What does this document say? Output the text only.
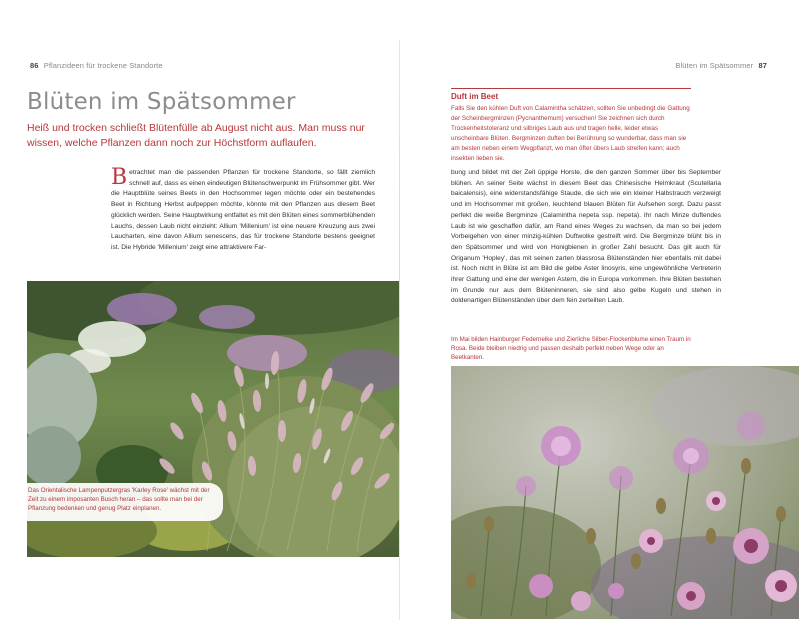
86 Pflanzideen für trockene Standorte
Blüten im Spätsommer

Heiß und trocken schließt Blütenfülle ab August nicht aus. Man muss nur wissen, welche Pflanzen dann noch zur Höchstform auflaufen.

Betrachtet man die passenden Pflanzen für trockene Standorte, so fällt ziemlich schnell auf, dass es einen eindeutigen Blütenschwerpunkt im Frühsommer gibt. Wer die Hauptblüte seines Beets in den Hochsommer legen möchte oder ein bestehendes Beet in Richtung Herbst aufpeppen möchte, könnte mit den Pflanzen aus diesem Beet glücklich werden. Seine Hauptwirkung entfaltet es mit den Blüten eines sommerblühenden Lauchs, dessen Laub nicht einzieht: Allium 'Millenium' ist eine neuere Kreuzung aus zwei Laucharten, eine davon Allium senescens, das für trockene Standorte bestens geeignet ist. Die Hybride 'Millenium' zeigt eine attraktivere Far-

Das Orientalische Lampenputzergras 'Karley Rose' wächst mit der Zeit zu einem imposanten Busch heran – das sollte man bei der Pflanzung bedenken und genug Platz einplanen.

Blüten im Spätsommer 87

Duft im Beet

Falls Sie den kühlen Duft von Calamintha schätzen, sollten Sie unbedingt die Gattung der Scheinbergminzen (Pycnanthemum) versuchen! Sie zeichnen sich durch Trockenheitstoleranz und silbriges Laub aus und tragen helle, leider etwas unscheinbare Blüten. Bergminzen duften bei Berührung so wunderbar, dass man sie am besten neben einem Wegpflanzt, wo man öfter übers Laub streifen kann; auch insekten lieben sie.

bung und bildet mit der Zeit üppige Horste, die den ganzen Sommer über bis September blühen. An seiner Seite wächst in diesem Beet das Chinesische Helmkraut (Scutellaria baicalensis), eine widerstandsfähige Staude, die sich wie ein kleiner Halbstrauch verzweigt und im Hochsommer mit großen, leuchtend blauen Blüten für Aufsehen sorgt. Dazu passt perfekt die weiße Bergminze (Calamintha nepeta ssp. nepeta). Ihr nach Minze duftendes Laub ist wie geschaffen dafür, am Rand eines Weges zu wachsen, da man so bei jedem Vorbeigehen von einer minzig-kühlen Duftwolke gestreift wird. Die Bergminze blüht bis in den Spätsommer und wird von Honigbienen in großer Zahl besucht. Das gilt auch für Origanum 'Hopley', das mit seinen zarten blassrosa Blütenständen hier ebenfalls mit dabei ist. Noch nicht in Blüte ist am Bild die gelbe Aster linosyris, eine ungewöhnliche Vertreterin ihrer Gattung und eine der wenigen Astern, die in Europa vorkommen. Ihre Blüten bestehen im Grunde nur aus dem Blüteninneren, sie sind also gelbe Kugeln und stehen in doldenartigen Blütenständen über dem fein zerteilten Laub.

Im Mai bilden Hainburger Federnelke und Zierliche Silber-Flockenblume einen Traum in Rosa. Beide bleiben niedrig und passen deshalb perfekt neben Wege oder an Beetkanten.
